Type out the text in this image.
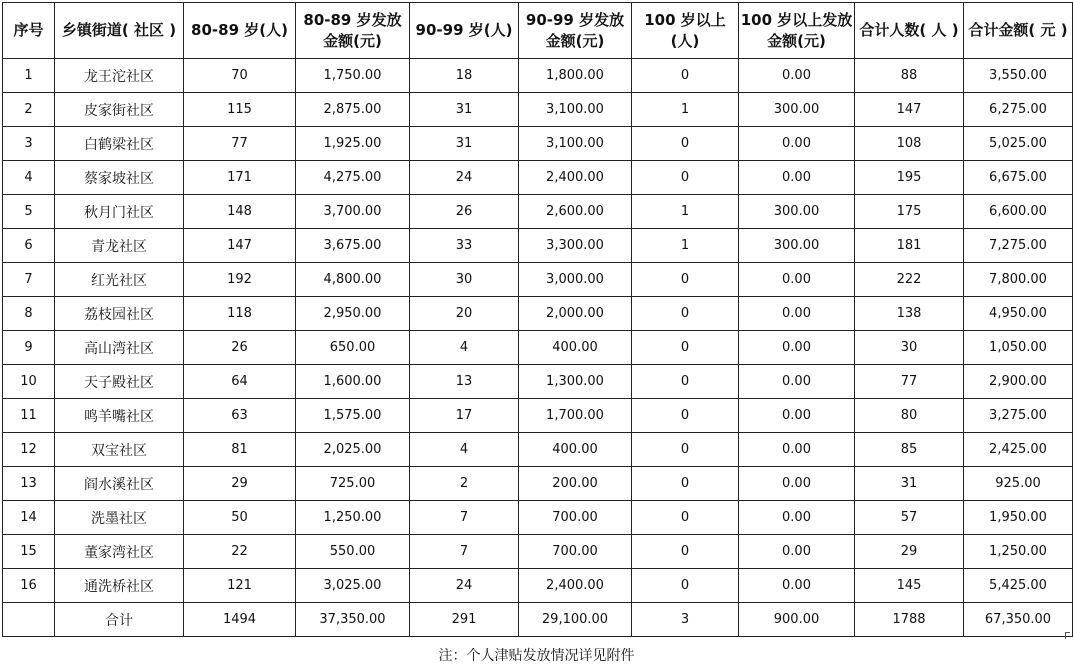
序号	乡镇街道( 社区 )	80-89 岁(人)	80-89 岁发放金额(元)	90-99 岁(人)	90-99 岁发放金额(元)	100 岁以上(人)	100 岁以上发放金额(元)	合计人数( 人 )	合计金额( 元 )
1	龙王沱社区	70	1,750.00	18	1,800.00	0	0.00	88	3,550.00
2	皮家街社区	115	2,875.00	31	3,100.00	1	300.00	147	6,275.00
3	白鹤梁社区	77	1,925.00	31	3,100.00	0	0.00	108	5,025.00
4	蔡家坡社区	171	4,275.00	24	2,400.00	0	0.00	195	6,675.00
5	秋月门社区	148	3,700.00	26	2,600.00	1	300.00	175	6,600.00
6	青龙社区	147	3,675.00	33	3,300.00	1	300.00	181	7,275.00
7	红光社区	192	4,800.00	30	3,000.00	0	0.00	222	7,800.00
8	荔枝园社区	118	2,950.00	20	2,000.00	0	0.00	138	4,950.00
9	高山湾社区	26	650.00	4	400.00	0	0.00	30	1,050.00
10	天子殿社区	64	1,600.00	13	1,300.00	0	0.00	77	2,900.00
11	鸣羊嘴社区	63	1,575.00	17	1,700.00	0	0.00	80	3,275.00
12	双宝社区	81	2,025.00	4	400.00	0	0.00	85	2,425.00
13	阎水溪社区	29	725.00	2	200.00	0	0.00	31	925.00
14	洗墨社区	50	1,250.00	7	700.00	0	0.00	57	1,950.00
15	董家湾社区	22	550.00	7	700.00	0	0.00	29	1,250.00
16	通洗桥社区	121	3,025.00	24	2,400.00	0	0.00	145	5,425.00
	合计	1494	37,350.00	291	29,100.00	3	900.00	1788	67,350.00
注：个人津贴发放情况详见附件
